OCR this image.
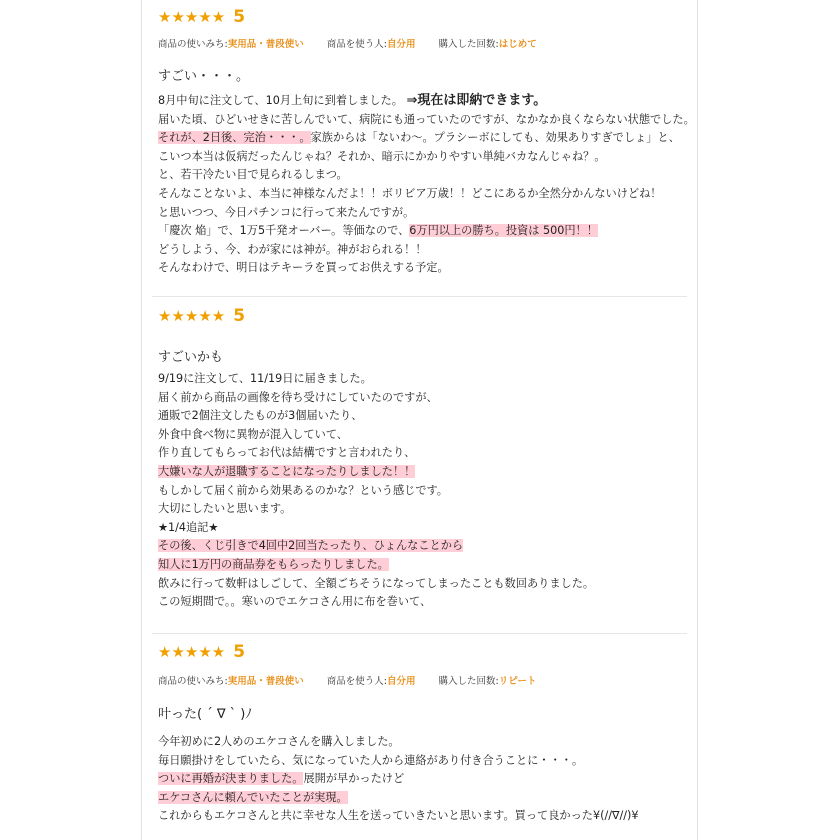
★★★★★ 5
商品の使いみち:実用品・普段使い 商品を使う人:自分用 購入した回数:はじめて
すごい・・・。
8月中旬に注文して、10月上旬に到着しました。 ⇒現在は即納できます。
届いた頃、ひどいせきに苦しんでいて、病院にも通っていたのですが、なかなか良くならない状態でした。
それが、2日後、完治・・・。家族からは「ないわ〜。プラシーボにしても、効果ありすぎでしょ」と、
こいつ本当は仮病だったんじゃね？それか、暗示にかかりやすい単純バカなんじゃね？。
と、若干冷たい目で見られるしまつ。
そんなことないよ、本当に神様なんだよ！！ボリビア万歳！！どこにあるか全然分かんないけどね！
と思いつつ、今日パチンコに行って来たんですが。
「慶次 焔」で、1万5千発オーバー。等価なので、6万円以上の勝ち。投資は 500円！！
どうしよう、今、わが家には神が。神がおられる！！
そんなわけで、明日はテキーラを買ってお供えする予定。
★★★★★ 5
すごいかも
9/19に注文して、11/19日に届きました。
届く前から商品の画像を待ち受けにしていたのですが、
通販で2個注文したものが3個届いたり、
外食中食べ物に異物が混入していて、
作り直してもらってお代は結構ですと言われたり、
大嫌いな人が退職することになったりしました！！
もしかして届く前から効果あるのかな？という感じです。
大切にしたいと思います。
★1/4追記★
その後、くじ引きで4回中2回当たったり、ひょんなことから
知人に1万円の商品券をもらったりしました。
飲みに行って数軒はしごして、全額ごちそうになってしまったことも数回ありました。
この短期間で。。寒いのでエケコさん用に布を巻いて、
★★★★★ 5
商品の使いみち:実用品・普段使い 商品を使う人:自分用 購入した回数:リピート
叶った( ´ ∇ ` )ﾉ
今年初めに2人めのエケコさんを購入しました。
毎日願掛けをしていたら、気になっていた人から連絡があり付き合うことに・・・。
ついに再婚が決まりました。展開が早かったけど
エケコさんに頼んでいたことが実現。
これからもエケコさんと共に幸せな人生を送っていきたいと思います。買って良かった¥(//∇//)¥
